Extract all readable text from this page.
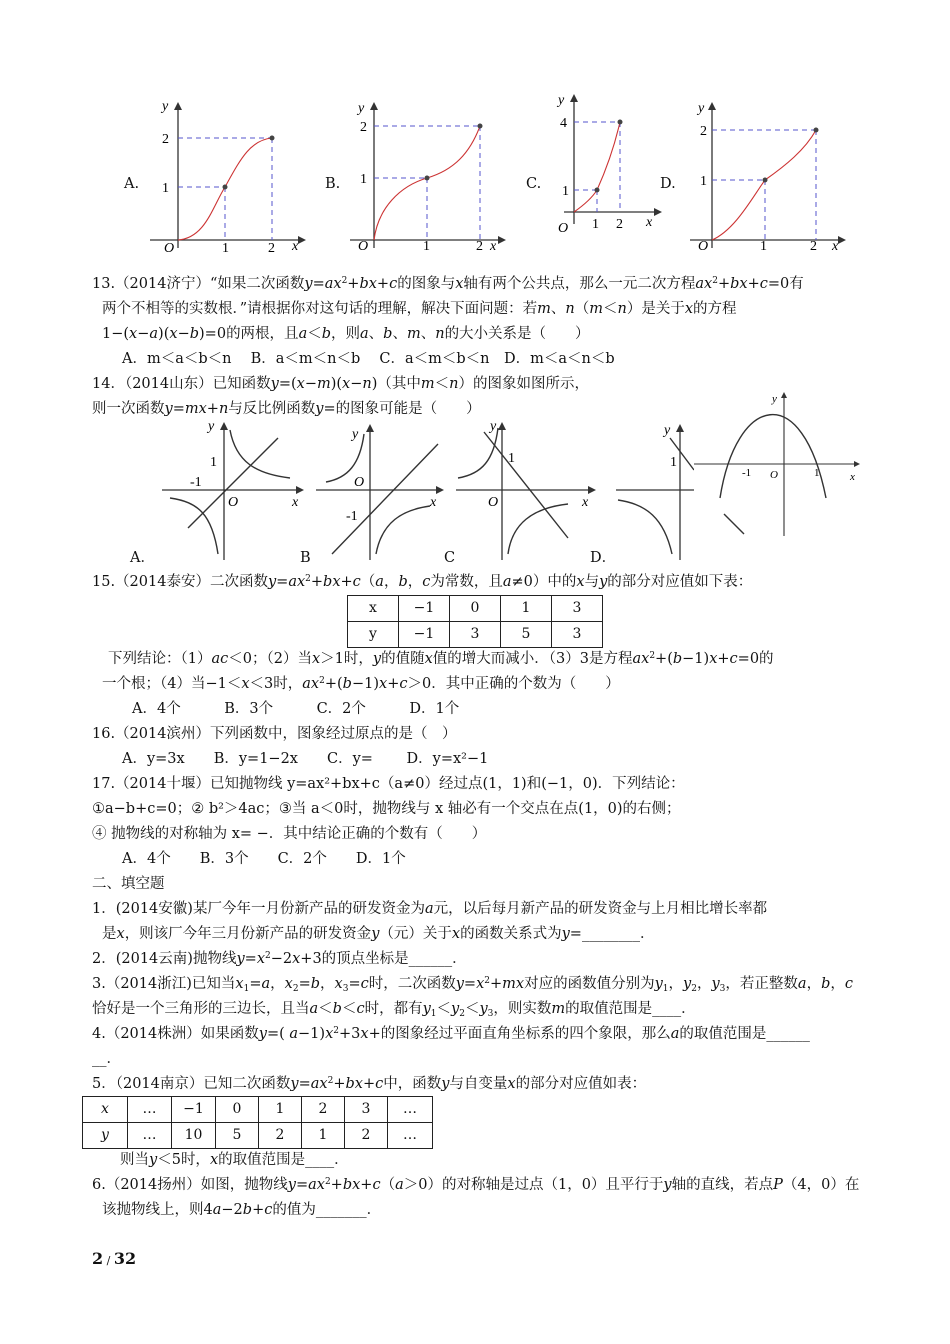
A.
y
x
O	1	2
1
2
B.
y
x
O	1	2
1
2
C.
y
x
O 1 2
1
4
D.
y
x
O	1	2
1
2
13.（2014济宁）“如果二次函数$y=ax^2+bx+c$的图象与x轴有两个公共点，那么一元二次方程$ax^2+bx+c=0$有
两个不相等的实数根．”请根据你对这句话的理解，解决下面问题：若m、n（m＜n）是关于x的方程
1−(x−a)(x−b)=0的两根，且a＜b，则a、b、m、n的大小关系是（　　）
A．m＜a＜b＜n　 B．a＜m＜n＜b　 C．a＜m＜b＜n　D．m＜a＜n＜b
14．（2014山东）已知函数y=(x−m)(x−n)（其中m＜n）的图象如图所示，
则一次函数y=mx+n与反比例函数y=的图象可能是（　　）
y
x
O
1
-1
y
x
O
-1
y
x
O
1
y
1
y
x
O
-1	1
A．	B	C	D．
15.（2014泰安）二次函数$y=ax^2+bx+c(a$，b，c为常数，且a≠0）中的x与y的部分对应值如下表：
x	−1	0	1	3
y	−1	3	5	3
下列结论：（1）ac＜0；（2）当x＞1时，y的值随x值的增大而减小．（3）3是方程$ax^2+(b-1)x+c=0$的
一个根；（4）当−1＜x＜3时，$ax^2+(b-1)x+c>0$．其中正确的个数为（　　）
A．4个　　　B．3个　　　C．2个　　　D．1个
16.（2014滨州）下列函数中，图象经过原点的是（　）
A．y=3x　　B．y=1−2x　　C．y=　　 D．y=x²−1
17.（2014十堰）已知抛物线 y=ax²+bx+c（a≠0）经过点(1，1)和(−1，0)．下列结论：
①a−b+c=0；② b²＞4ac；③当 a＜0时，抛物线与 x 轴必有一个交点在点(1，0)的右侧；
④ 抛物线的对称轴为 x= −．其中结论正确的个数有（　　）
A．4个　　B．3个　　C．2个　　D．1个
二、填空题
1．(2014安徽)某厂今年一月份新产品的研发资金为a元，以后每月新产品的研发资金与上月相比增长率都
是x，则该厂今年三月份新产品的研发资金y（元）关于x的函数关系式为y=________．
2．(2014云南)抛物线$y=x^2-2x+3$的顶点坐标是______．
3.（2014浙江)已知当$x_1=a$，$x_2=b$，$x_3=c$时，二次函数$y=x^2+mx$对应的函数值分别为$y_1$，$y_2$，$y_3$，若正整数a，b，c
恰好是一个三角形的三边长，且当a＜b＜c时，都有$y_1<y_2<y_3$，则实数m的取值范围是____．
4.（2014株洲）如果函数y=( $a-1)x^2+3x+$的图象经过平面直角坐标系的四个象限，那么a的取值范围是______
__．
5．（2014南京）已知二次函数$y=ax^2+bx+c$中，函数y与自变量x的部分对应值如表：
x	…	−1	0	1	2	3	…
y	…	10	5	2	1	2	…
则当y＜5时，x的取值范围是____．
6.（2014扬州）如图，抛物线$y=ax^2+bx+c(a>0)$的对称轴是过点（1，0）且平行于y轴的直线，若点P（4，0）在
该抛物线上，则4a−2b+c的值为_______．
2 / 32
